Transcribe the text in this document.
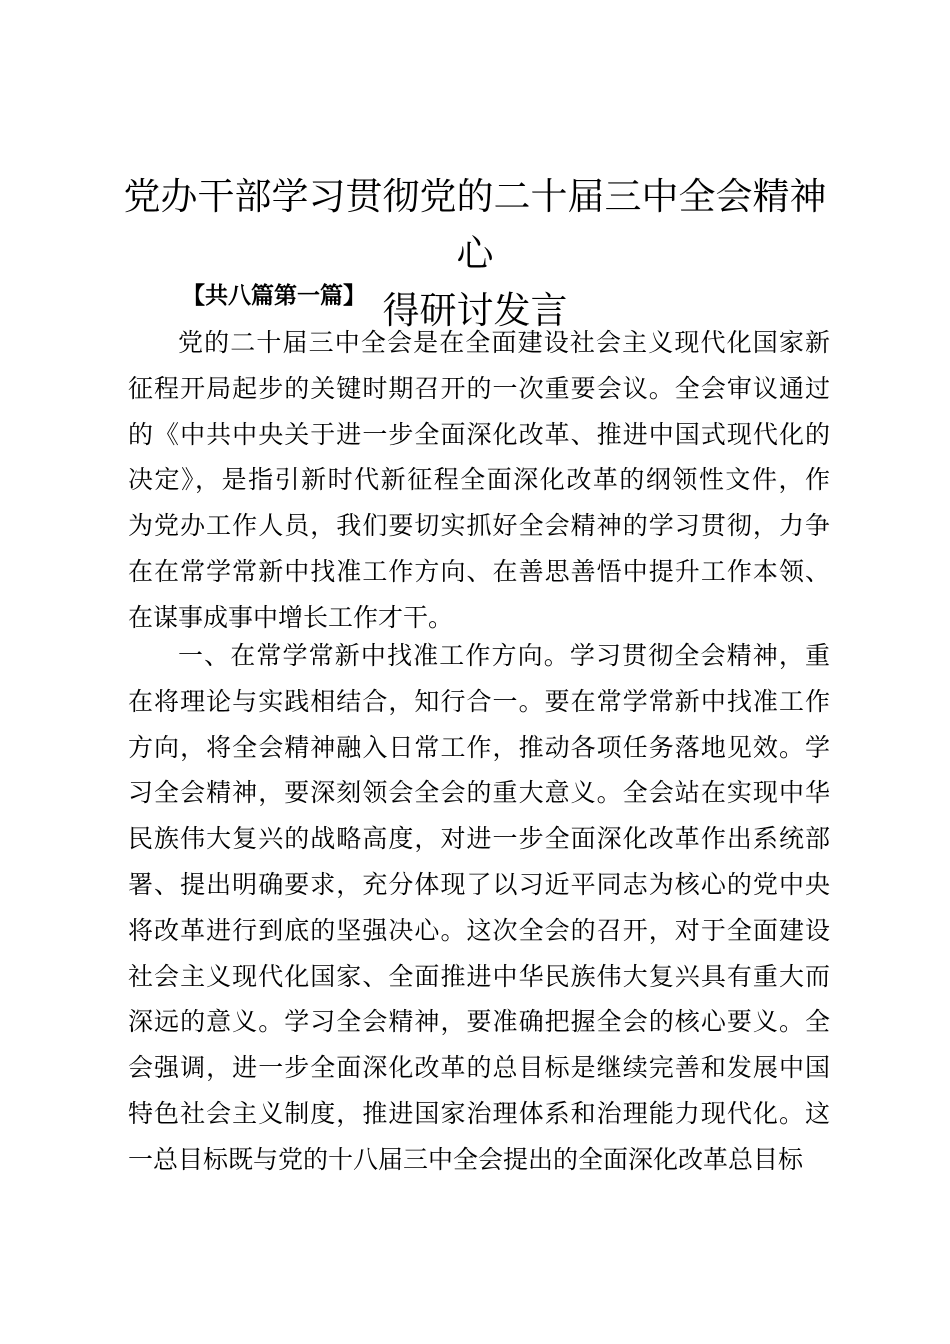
党办干部学习贯彻党的二十届三中全会精神心
得研讨发言

【共八篇第一篇】

党的二十届三中全会是在全面建设社会主义现代化国家新
征程开局起步的关键时期召开的一次重要会议。全会审议通过
的《中共中央关于进一步全面深化改革、推进中国式现代化的
决定》，是指引新时代新征程全面深化改革的纲领性文件，作
为党办工作人员，我们要切实抓好全会精神的学习贯彻，力争
在在常学常新中找准工作方向、在善思善悟中提升工作本领、
在谋事成事中增长工作才干。
一、在常学常新中找准工作方向。学习贯彻全会精神，重
在将理论与实践相结合，知行合一。要在常学常新中找准工作
方向，将全会精神融入日常工作，推动各项任务落地见效。学
习全会精神，要深刻领会全会的重大意义。全会站在实现中华
民族伟大复兴的战略高度，对进一步全面深化改革作出系统部
署、提出明确要求，充分体现了以习近平同志为核心的党中央
将改革进行到底的坚强决心。这次全会的召开，对于全面建设
社会主义现代化国家、全面推进中华民族伟大复兴具有重大而
深远的意义。学习全会精神，要准确把握全会的核心要义。全
会强调，进一步全面深化改革的总目标是继续完善和发展中国
特色社会主义制度，推进国家治理体系和治理能力现代化。这
一总目标既与党的十八届三中全会提出的全面深化改革总目标
